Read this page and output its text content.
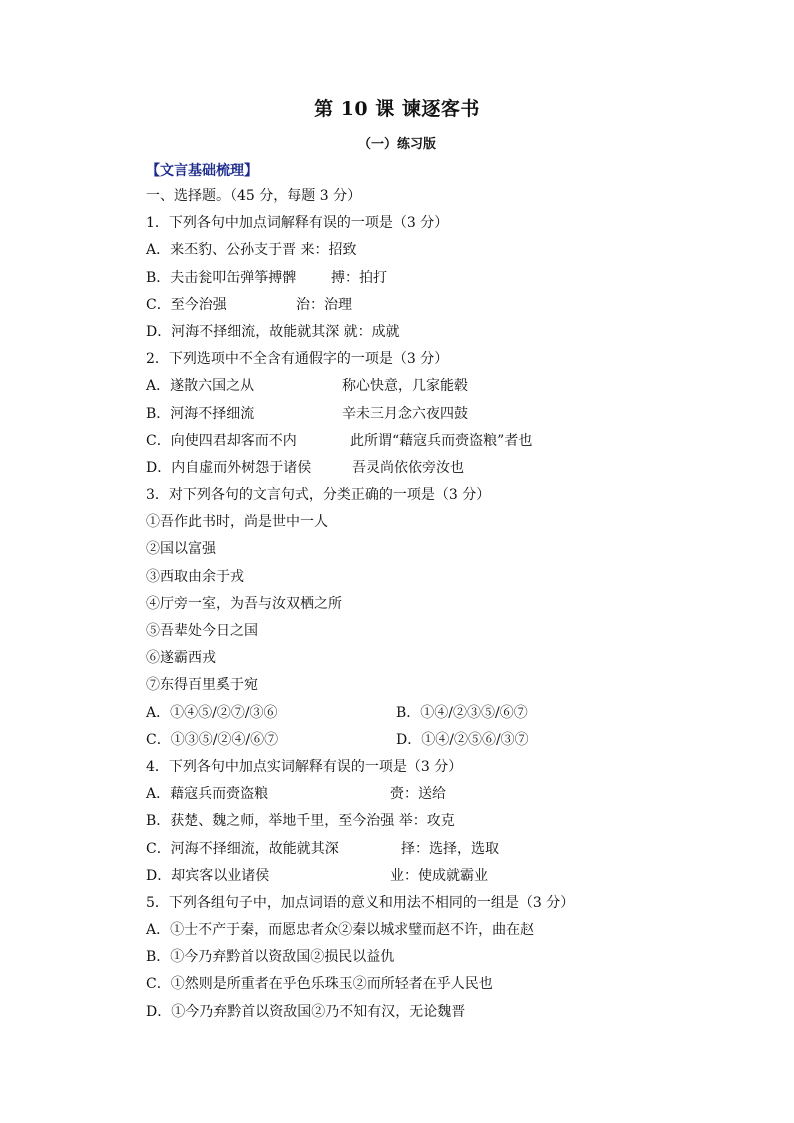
第 10 课 谏逐客书
（一）练习版
【文言基础梳理】
一、选择题。（45 分，每题 3 分）
1．下列各句中加点词解释有误的一项是（3 分）
A．来丕豹、公孙支于晋 来：招致
B．夫击瓮叩缶弹筝搏髀 搏：拍打
C．至今治强	治：治理
D．河海不择细流，故能就其深 就：成就
2．下列选项中不全含有通假字的一项是（3 分）
A．遂散六国之从	称心快意，几家能毂
B．河海不择细流	辛未三月念六夜四鼓
C．向使四君却客而不内	此所谓“藉寇兵而赍盗粮”者也
D．内自虚而外树怨于诸侯	吾灵尚依依旁汝也
3．对下列各句的文言句式，分类正确的一项是（3 分）
①吾作此书时，尚是世中一人
②国以富强
③西取由余于戎
④厅旁一室，为吾与汝双栖之所
⑤吾辈处今日之国
⑥遂霸西戎
⑦东得百里奚于宛
A．①④⑤/②⑦/③⑥	B．①④/②③⑤/⑥⑦
C．①③⑤/②④/⑥⑦	D．①④/②⑤⑥/③⑦
4．下列各句中加点实词解释有误的一项是（3 分）
A．藉寇兵而赍盗粮	赍：送给
B．获楚、魏之师，举地千里，至今治强 举：攻克
C．河海不择细流，故能就其深	择：选择，选取
D．却宾客以业诸侯	业：使成就霸业
5．下列各组句子中，加点词语的意义和用法不相同的一组是（3 分）
A．①士不产于秦，而愿忠者众②秦以城求璧而赵不许，曲在赵
B．①今乃弃黔首以资敌国②损民以益仇
C．①然则是所重者在乎色乐珠玉②而所轻者在乎人民也
D．①今乃弃黔首以资敌国②乃不知有汉，无论魏晋
